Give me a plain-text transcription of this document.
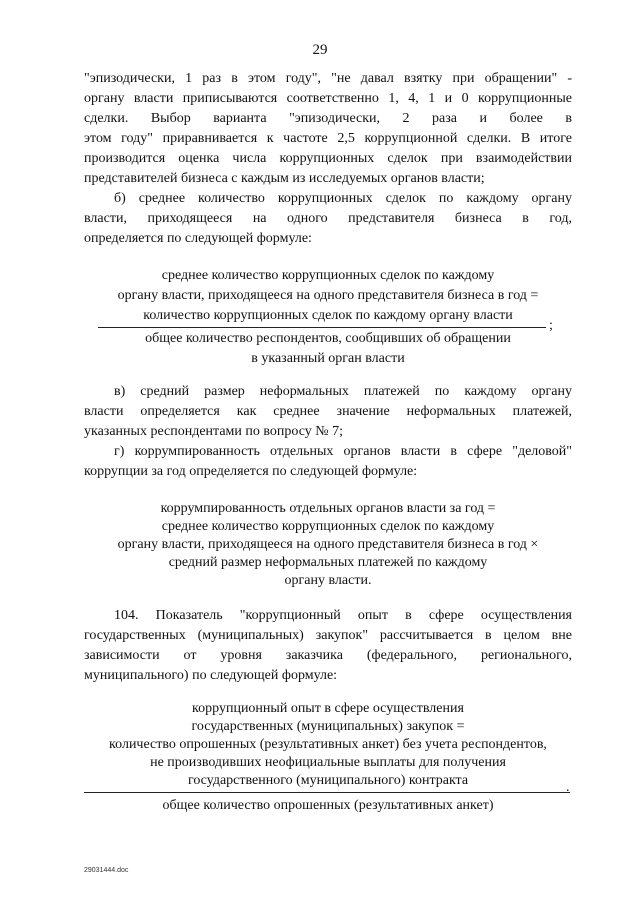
29
"эпизодически, 1 раз в этом году", "не давал взятку при обращении" -
органу власти приписываются соответственно 1, 4, 1 и 0 коррупционные
сделки. Выбор варианта "эпизодически, 2 раза и более в
этом году" приравнивается к частоте 2,5 коррупционной сделки. В итоге
производится оценка числа коррупционных сделок при взаимодействии
представителей бизнеса с каждым из исследуемых органов власти;
б) среднее количество коррупционных сделок по каждому органу
власти, приходящееся на одного представителя бизнеса в год,
определяется по следующей формуле:
среднее количество коррупционных сделок по каждому
органу власти, приходящееся на одного представителя бизнеса в год =
количество коррупционных сделок по каждому органу власти
общее количество респондентов, сообщивших об обращении
в указанный орган власти
в) средний размер неформальных платежей по каждому органу
власти определяется как среднее значение неформальных платежей,
указанных респондентами по вопросу № 7;
г) коррумпированность отдельных органов власти в сфере "деловой"
коррупции за год определяется по следующей формуле:
коррумпированность отдельных органов власти за год =
среднее количество коррупционных сделок по каждому
органу власти, приходящееся на одного представителя бизнеса в год ×
средний размер неформальных платежей по каждому
органу власти.
104. Показатель "коррупционный опыт в сфере осуществления
государственных (муниципальных) закупок" рассчитывается в целом вне
зависимости от уровня заказчика (федерального, регионального,
муниципального) по следующей формуле:
коррупционный опыт в сфере осуществления
государственных (муниципальных) закупок =
количество опрошенных (результативных анкет) без учета респондентов,
не производивших неофициальные выплаты для получения
государственного (муниципального) контракта
общее количество опрошенных (результативных анкет)
;
.
29031444.doc
